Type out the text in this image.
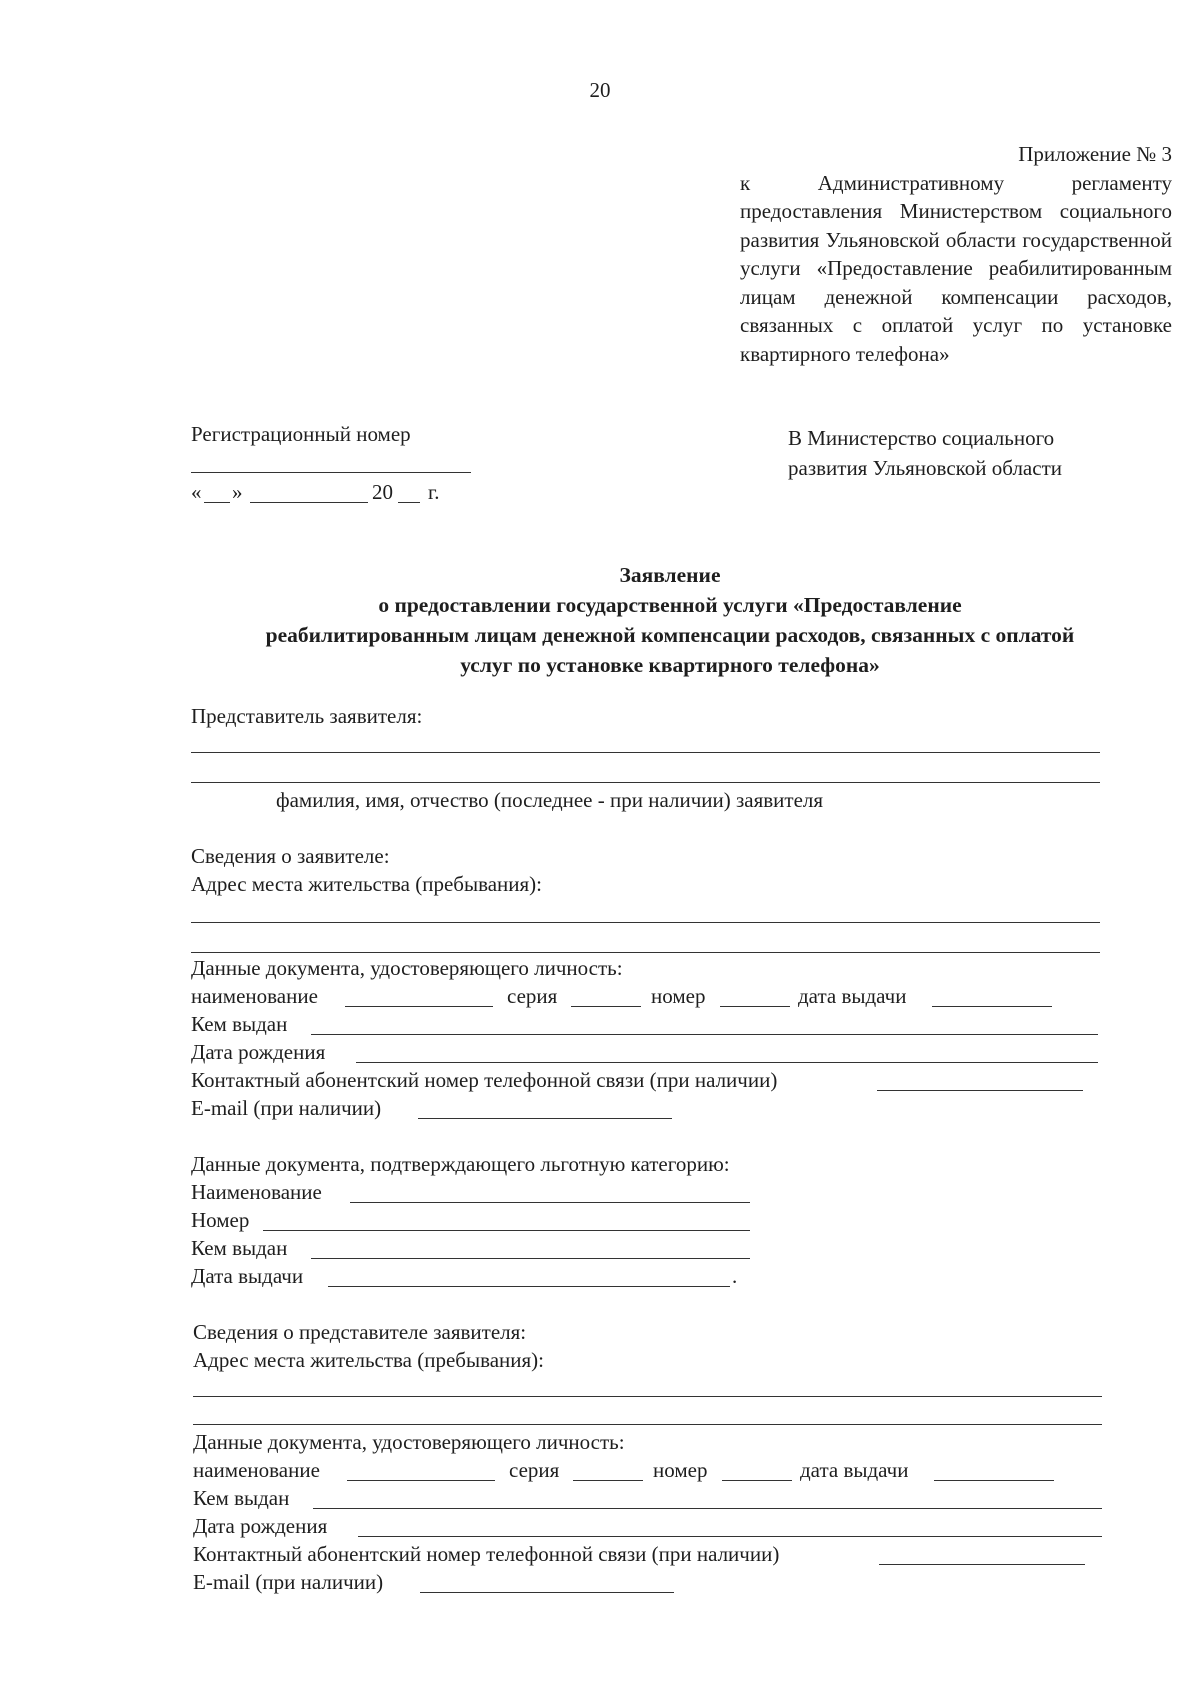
20
Приложение № 3
к Административному регламенту предоставления Министерством социального развития Ульяновской области государственной услуги «Предоставление реабилитированным лицам денежной компенсации расходов, связанных с оплатой услуг по установке квартирного телефона»
Регистрационный номер
« »	20 г.
В Министерство социального
развития Ульяновской области
Заявление
о предоставлении государственной услуги «Предоставление
реабилитированным лицам денежной компенсации расходов, связанных с оплатой
услуг по установке квартирного телефона»
Представитель заявителя:
фамилия, имя, отчество (последнее - при наличии) заявителя
Сведения о заявителе:
Адрес места жительства (пребывания):
Данные документа, удостоверяющего личность:
наименование	серия	номер	дата выдачи
Кем выдан
Дата рождения
Контактный абонентский номер телефонной связи (при наличии)
E-mail (при наличии)
Данные документа, подтверждающего льготную категорию:
Наименование
Номер
Кем выдан
Дата выдачи	.
Сведения о представителе заявителя:
Адрес места жительства (пребывания):
Данные документа, удостоверяющего личность:
наименование	серия	номер	дата выдачи
Кем выдан
Дата рождения
Контактный абонентский номер телефонной связи (при наличии)
E-mail (при наличии)
